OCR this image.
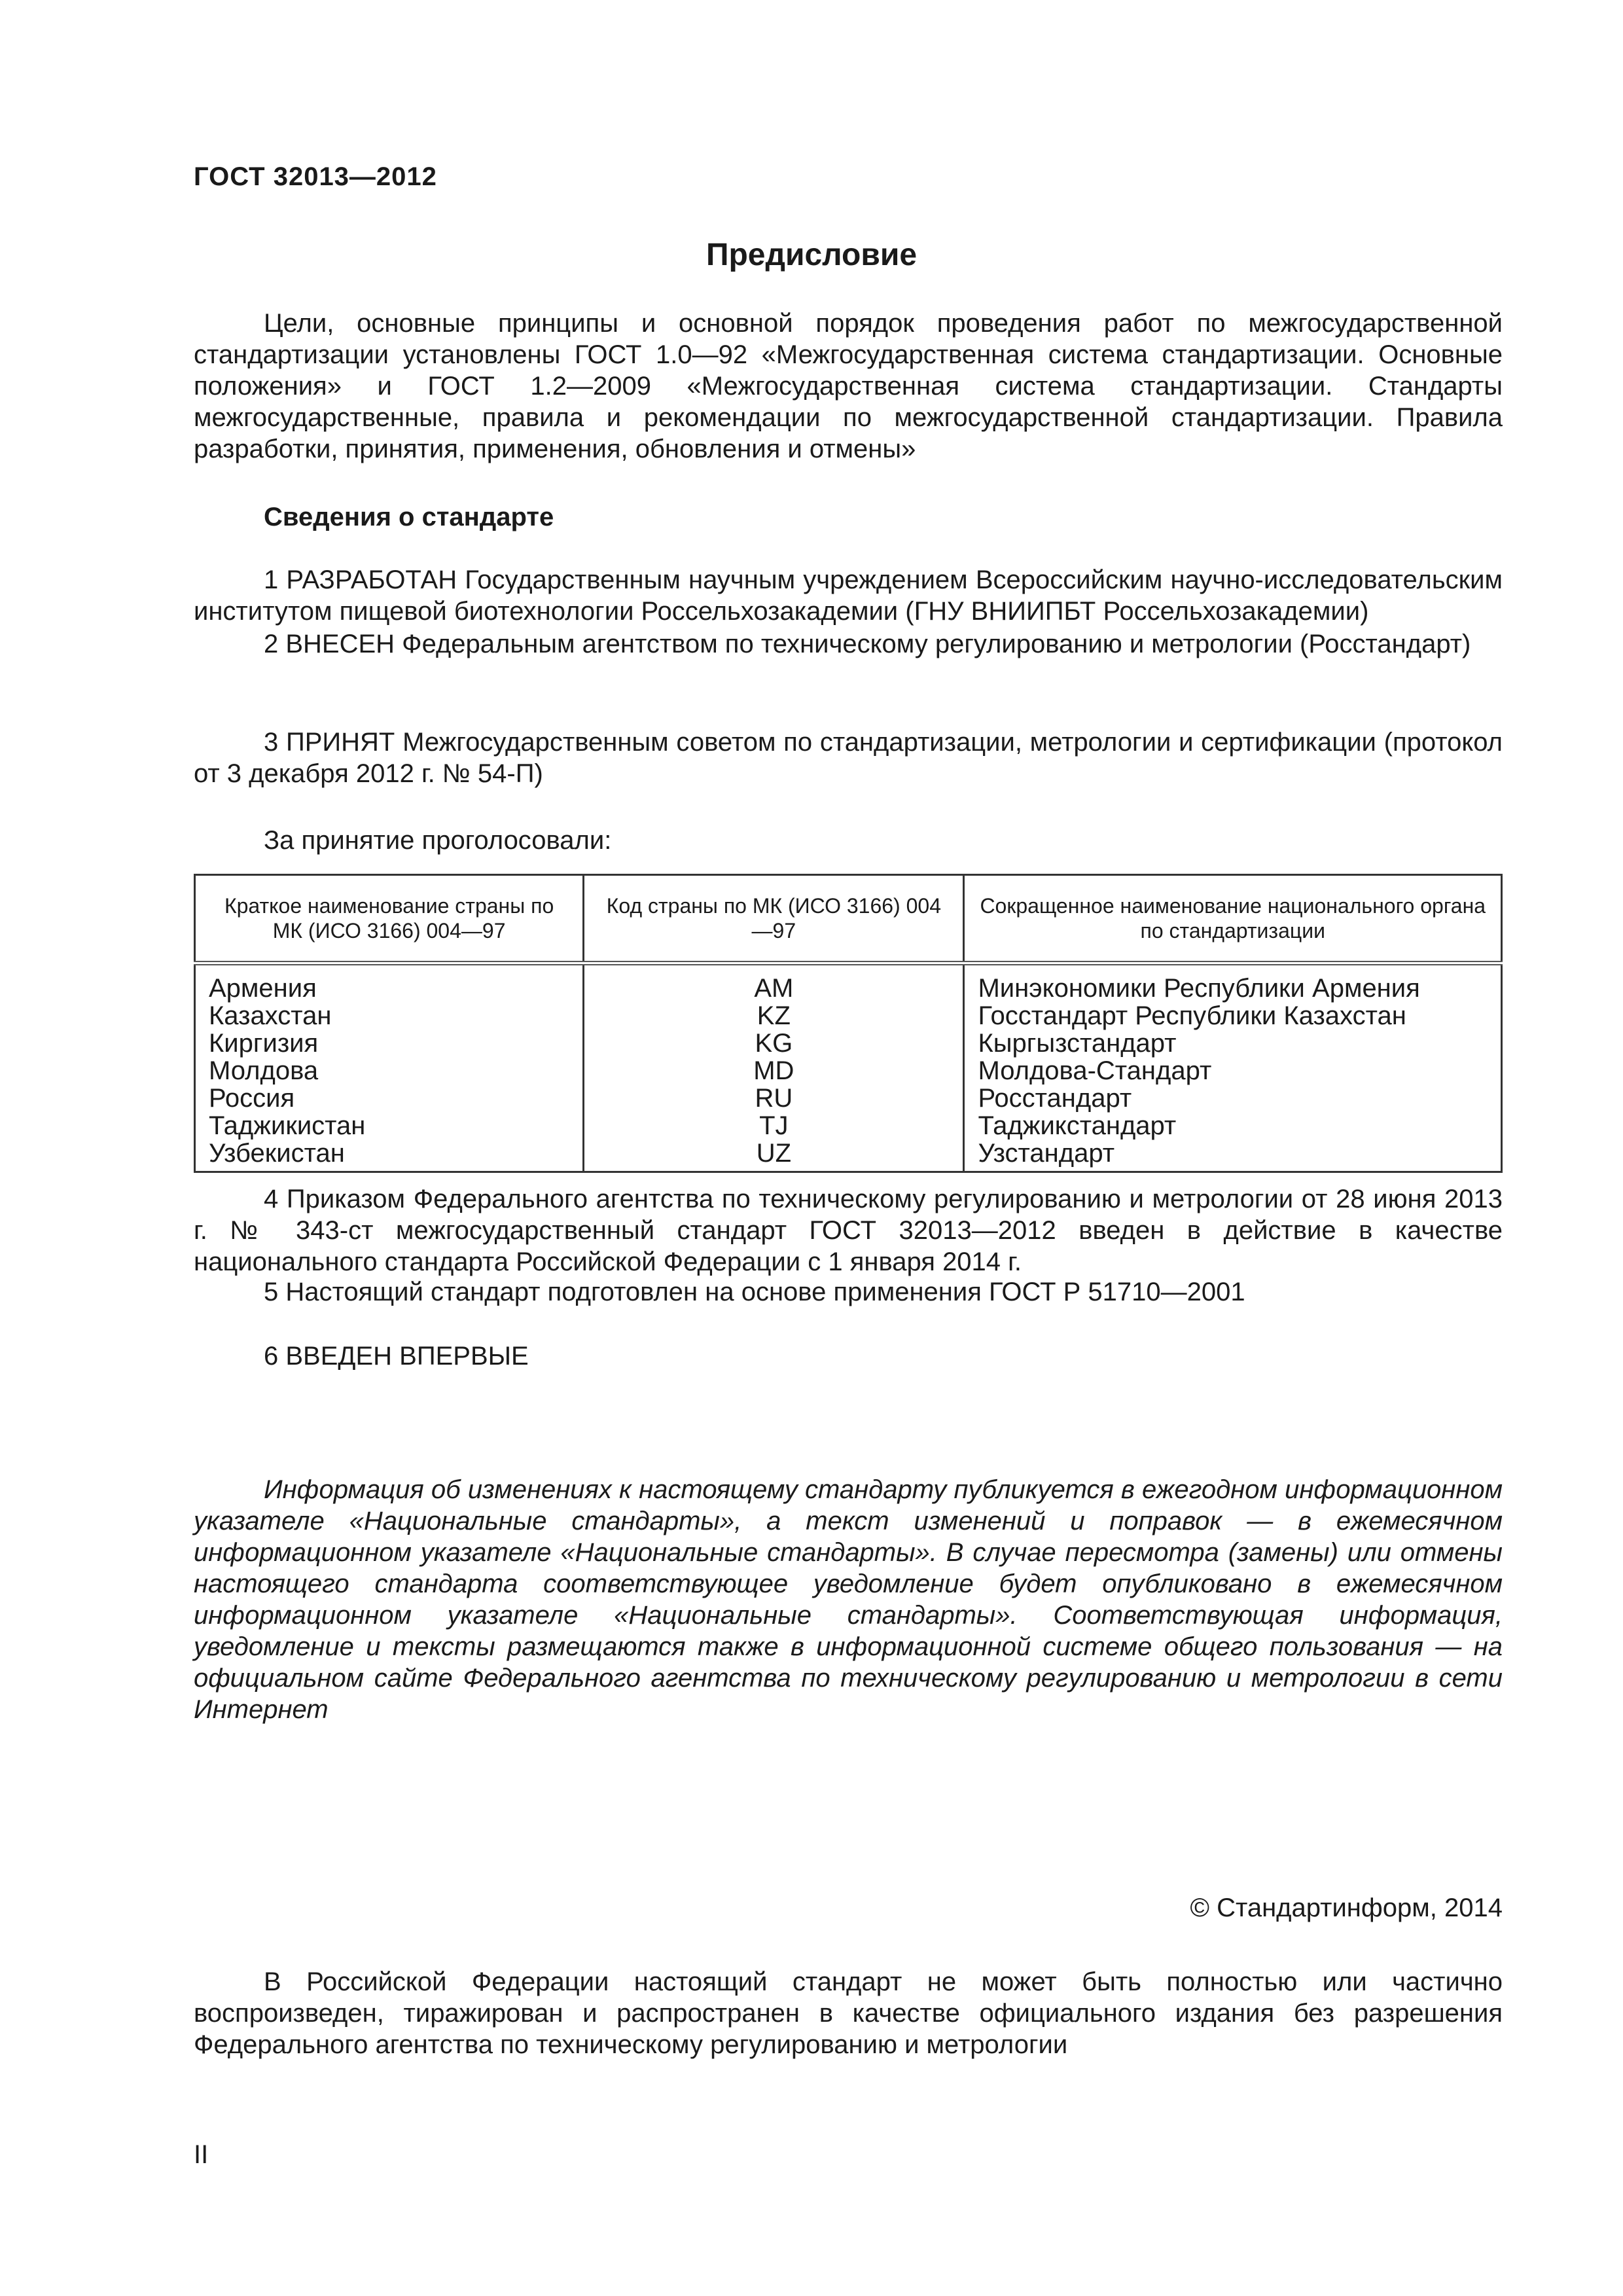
ГОСТ 32013—2012
Предисловие

Цели, основные принципы и основной порядок проведения работ по межгосударственной стандартизации установлены ГОСТ 1.0—92 «Межгосударственная система стандартизации. Основные положения» и ГОСТ 1.2—2009 «Межгосударственная система стандартизации. Стандарты межгосударственные, правила и рекомендации по межгосударственной стандартизации. Правила разработки, принятия, применения, обновления и отмены»

Сведения о стандарте

1 РАЗРАБОТАН Государственным научным учреждением Всероссийским научно-исследовательским институтом пищевой биотехнологии Россельхозакадемии (ГНУ ВНИИПБТ Россельхозакадемии)

2 ВНЕСЕН Федеральным агентством по техническому регулированию и метрологии (Росстандарт)

3 ПРИНЯТ Межгосударственным советом по стандартизации, метрологии и сертификации (протокол от 3 декабря 2012 г. № 54-П)

За принятие проголосовали:
Краткое наименование страны по МК (ИСО 3166) 004—97	Код страны по МК (ИСО 3166) 004—97	Сокращенное наименование национального органа по стандартизации
Армения	AM	Минэкономики Республики Армения
Казахстан	KZ	Госстандарт Республики Казахстан
Киргизия	KG	Кыргызстандарт
Молдова	MD	Молдова-Стандарт
Россия	RU	Росстандарт
Таджикистан	TJ	Таджикстандарт
Узбекистан	UZ	Узстандарт

4 Приказом Федерального агентства по техническому регулированию и метрологии от 28 июня 2013 г. № 343-ст межгосударственный стандарт ГОСТ 32013—2012 введен в действие в качестве национального стандарта Российской Федерации с 1 января 2014 г.

5 Настоящий стандарт подготовлен на основе применения ГОСТ Р 51710—2001
6 ВВЕДЕН ВПЕРВЫЕ

Информация об изменениях к настоящему стандарту публикуется в ежегодном информационном указателе «Национальные стандарты», а текст изменений и поправок — в ежемесячном информационном указателе «Национальные стандарты». В случае пересмотра (замены) или отмены настоящего стандарта соответствующее уведомление будет опубликовано в ежемесячном информационном указателе «Национальные стандарты». Соответствующая информация, уведомление и тексты размещаются также в информационной системе общего пользования — на официальном сайте Федерального агентства по техническому регулированию и метрологии в сети Интернет

© Стандартинформ, 2014

В Российской Федерации настоящий стандарт не может быть полностью или частично воспроизведен, тиражирован и распространен в качестве официального издания без разрешения Федерального агентства по техническому регулированию и метрологии

II
